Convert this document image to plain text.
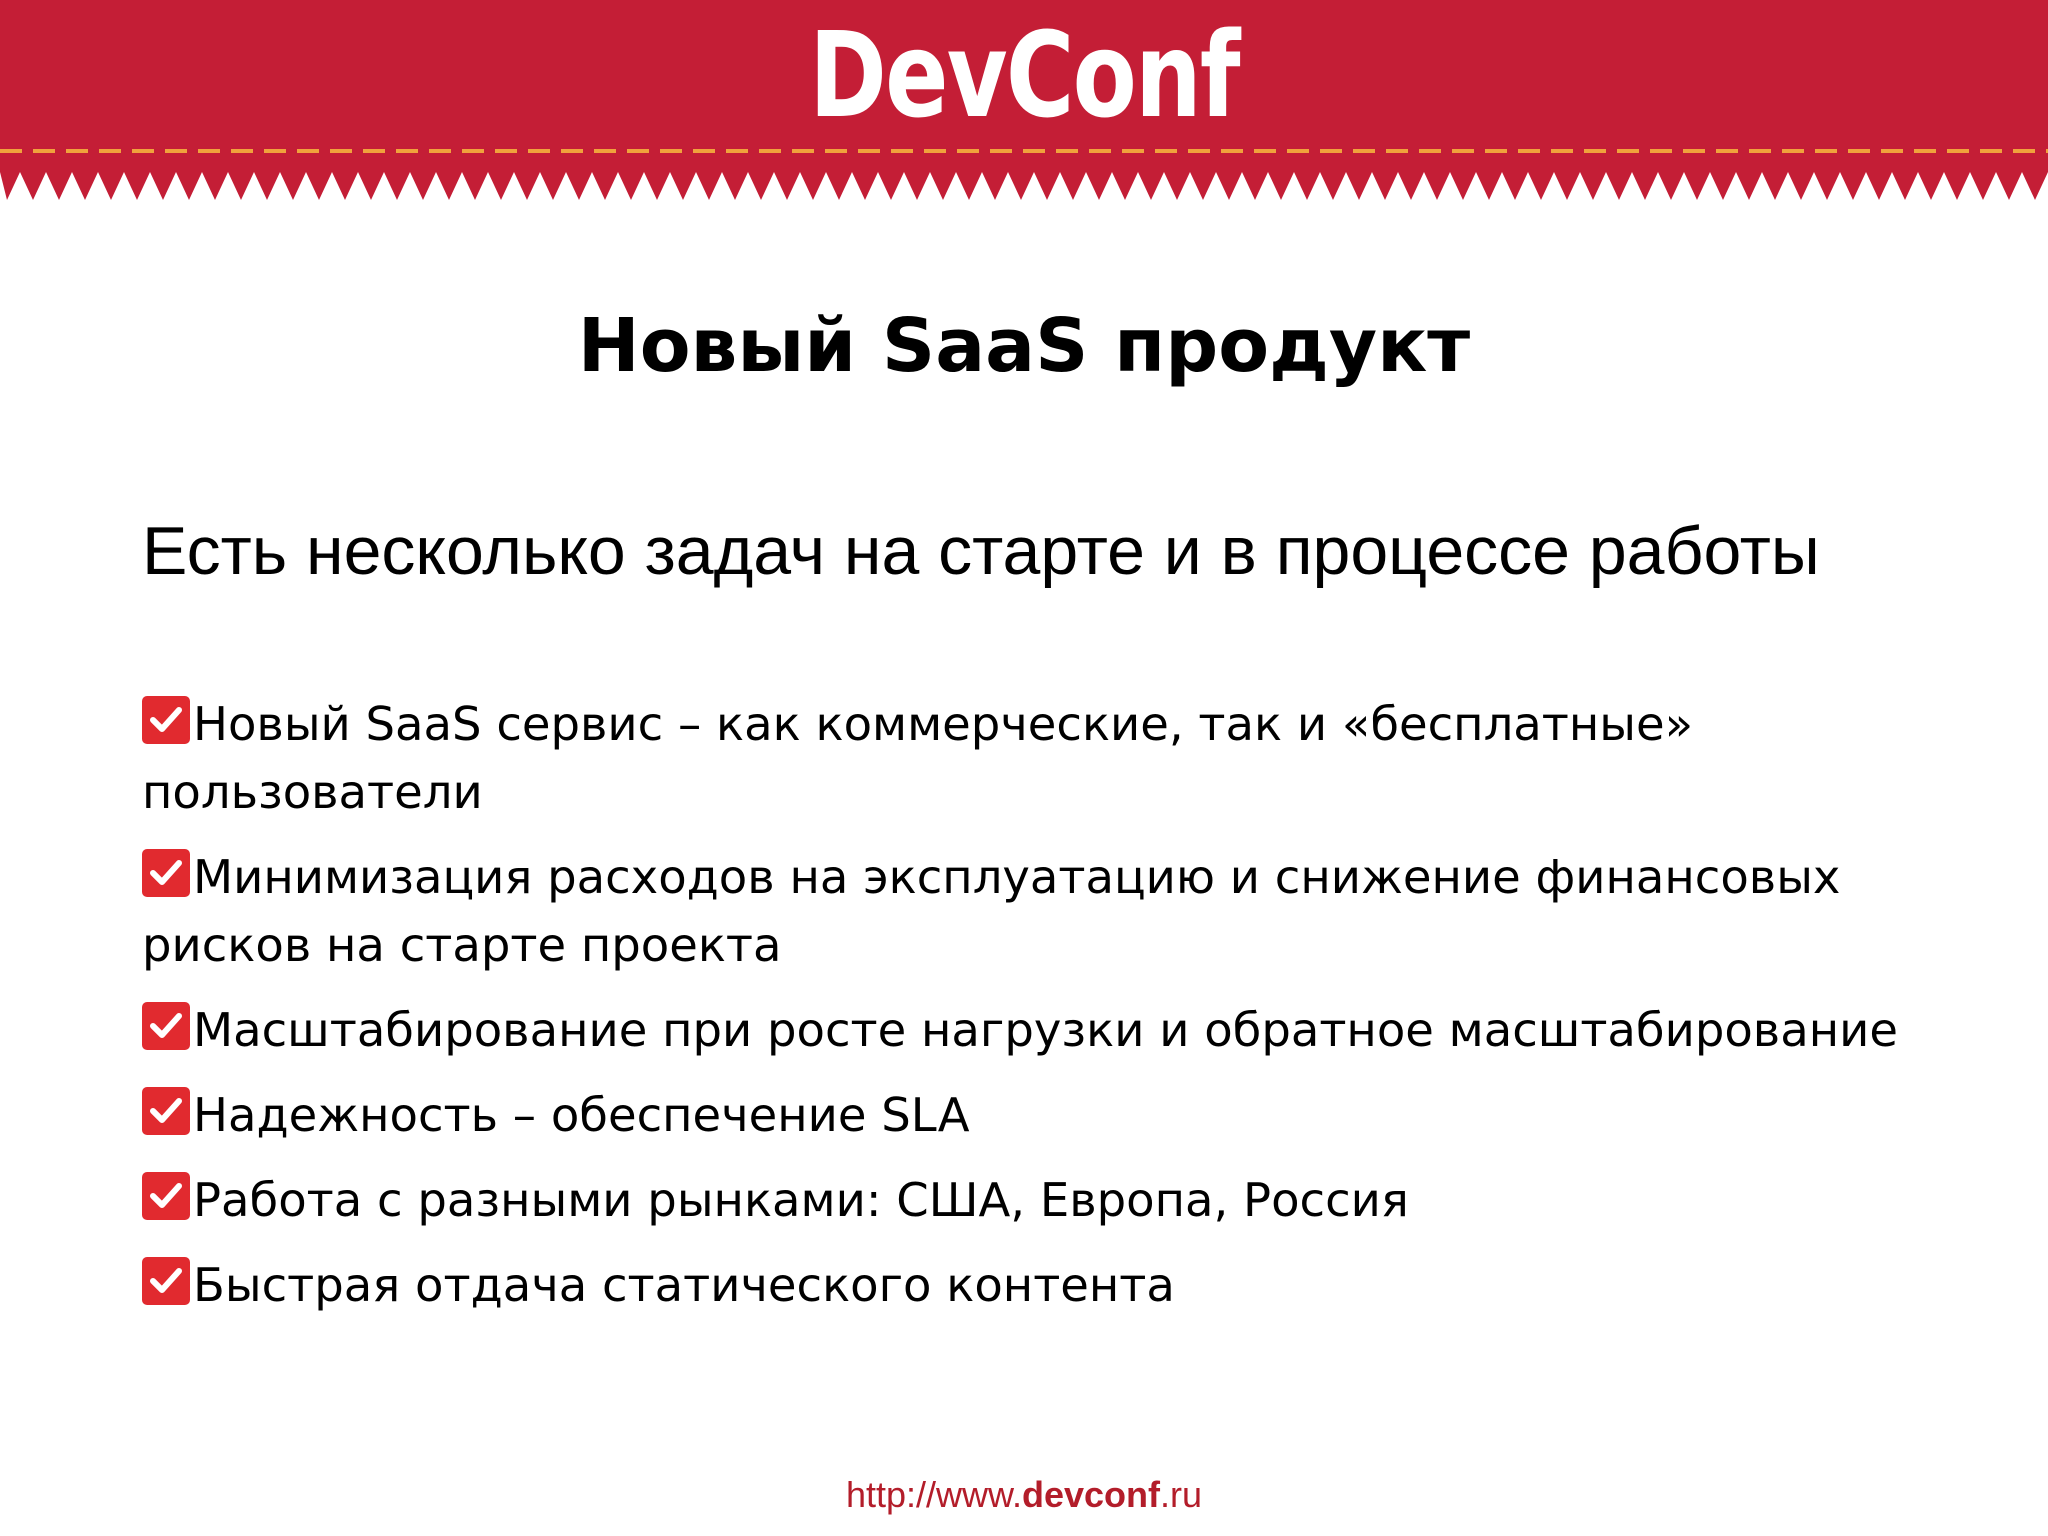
DevConf
Новый SaaS продукт
Есть несколько задач на старте и в процессе работы
Новый SaaS сервис – как коммерческие, так и «бесплатные» пользователи
Минимизация расходов на эксплуатацию и снижение финансовых рисков на старте проекта
Масштабирование при росте нагрузки и обратное масштабирование
Надежность – обеспечение SLA
Работа с разными рынками: США, Европа, Россия
Быстрая отдача статического контента
http://www.devconf.ru
